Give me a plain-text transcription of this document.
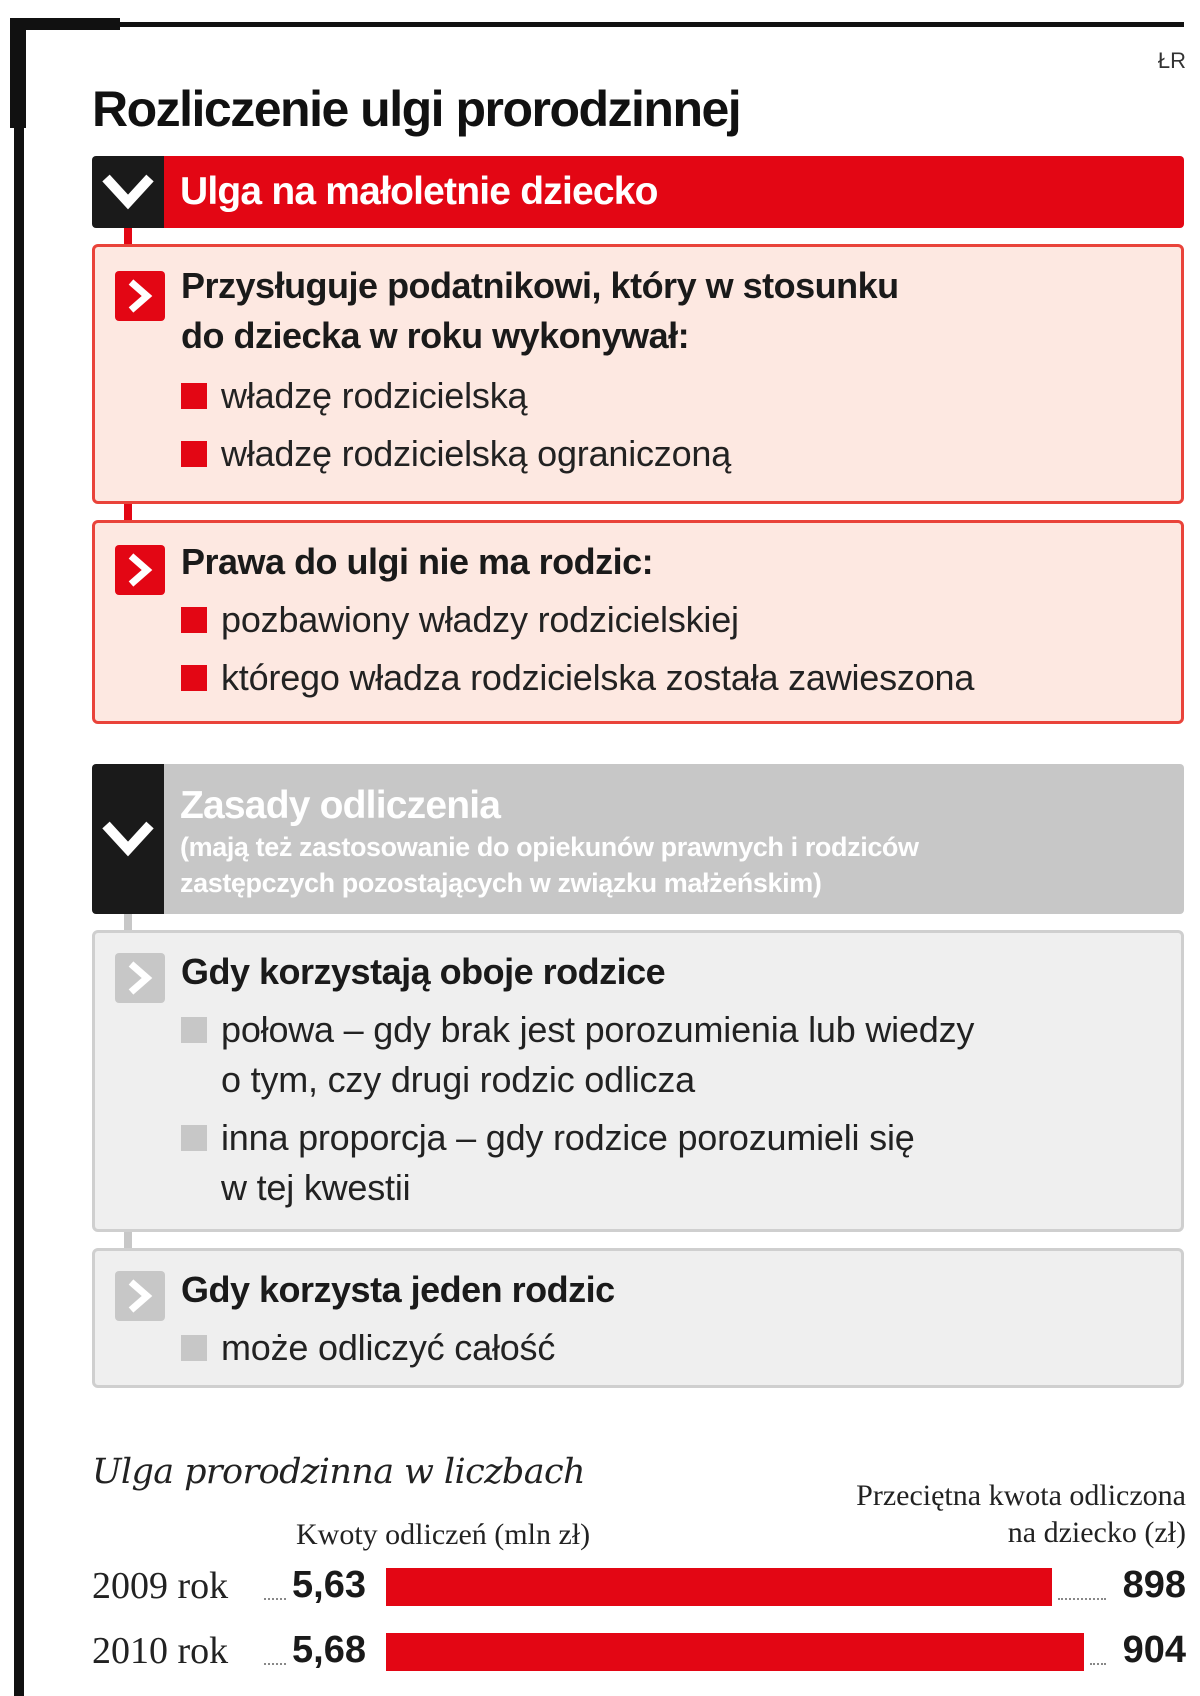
ŁR
Rozliczenie ulgi prorodzinnej
Ulga na małoletnie dziecko
Przysługuje podatnikowi, który w stosunku
do dziecka w roku wykonywał:
władzę rodzicielską
władzę rodzicielską ograniczoną
Prawa do ulgi nie ma rodzic:
pozbawiony władzy rodzicielskiej
którego władza rodzicielska została zawieszona
Zasady odliczenia
(mają też zastosowanie do opiekunów prawnych i rodziców
zastępczych pozostających w związku małżeńskim)
Gdy korzystają oboje rodzice
połowa – gdy brak jest porozumienia lub wiedzy
o tym, czy drugi rodzic odlicza
inna proporcja – gdy rodzice porozumieli się
w tej kwestii
Gdy korzysta jeden rodzic
może odliczyć całość
Ulga prorodzinna w liczbach
Przeciętna kwota odliczona
na dziecko (zł)
Kwoty odliczeń (mln zł)
2009 rok 5,63	898
2010 rok 5,68	904
